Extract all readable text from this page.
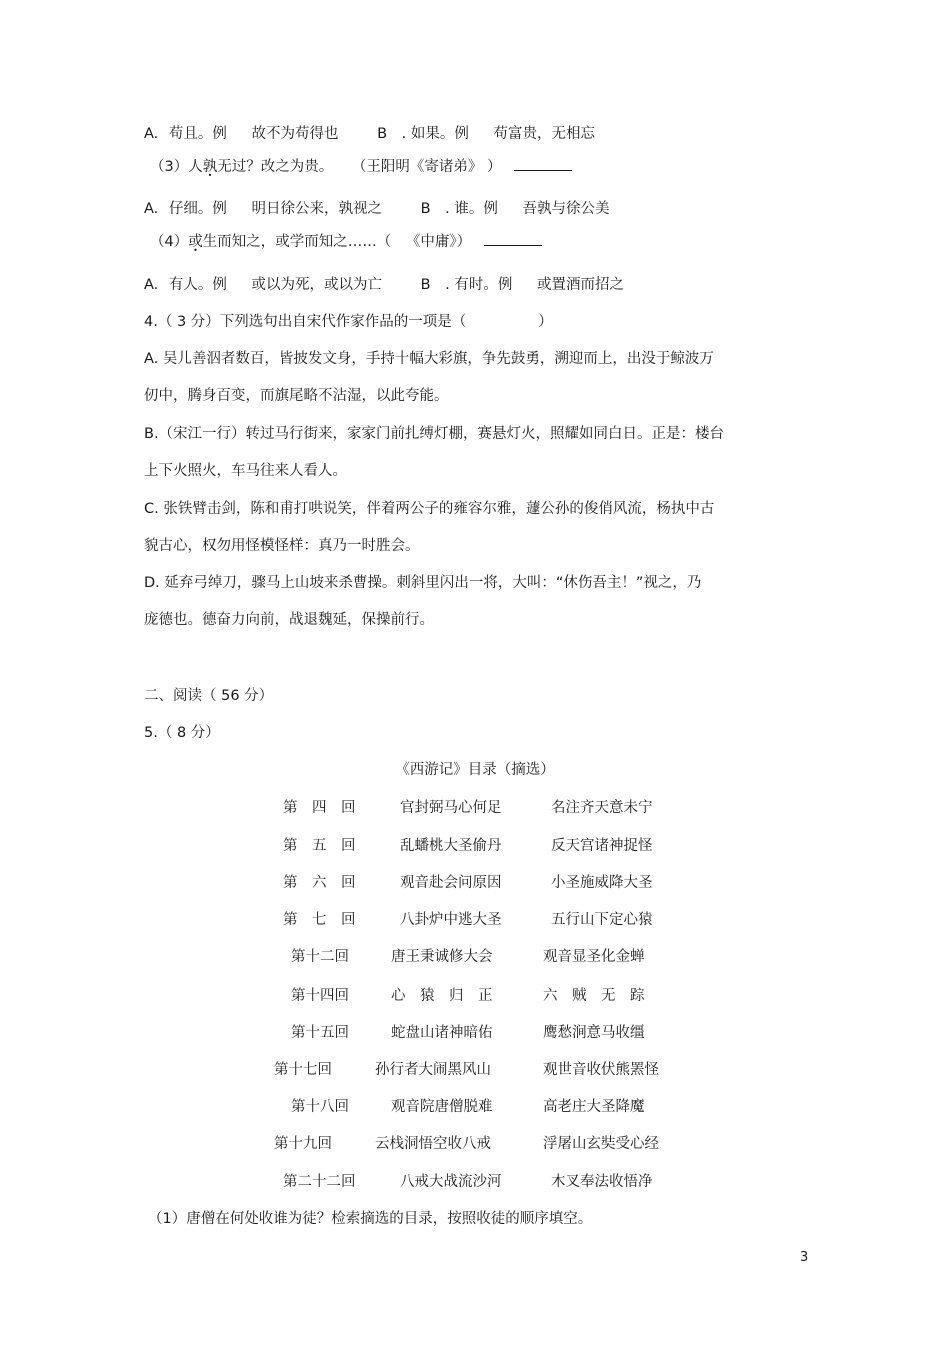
A. 苟且。例 故不为苟得也	B . 如果。例 苟富贵，无相忘
（3）人孰无过？改之为贵。 （王阳明《寄诸弟》 ）
A. 仔细。例 明日徐公来，孰视之	B . 谁。例 吾孰与徐公美
（4）或生而知之，或学而知之……（ 《中庸》）
A. 有人。例 或以为死，或以为亡	B . 有时。例 或置酒而招之
4.（ 3 分）下列选句出自宋代作家作品的一项是（	）
A. 吴儿善泅者数百，皆披发文身，手持十幅大彩旗，争先鼓勇，溯迎而上，出没于鲸波万
仞中，腾身百变，而旗尾略不沾湿，以此夸能。
B.（宋江一行）转过马行街来，家家门前扎缚灯棚，赛悬灯火，照耀如同白日。正是：楼台
上下火照火，车马往来人看人。
C. 张铁臂击剑，陈和甫打哄说笑，伴着两公子的雍容尔雅，蘧公孙的俊俏风流，杨执中古
貌古心，权勿用怪模怪样：真乃一时胜会。
D. 延弃弓绰刀，骤马上山坡来杀曹操。刺斜里闪出一将，大叫：“休伤吾主！”视之，乃
庞德也。德奋力向前，战退魏延，保操前行。
二、阅读（ 56 分）
5.（ 8 分）
《西游记》目录（摘选）
第　四　回	官封弼马心何足	名注齐天意未宁
第　五　回	乱蟠桃大圣偷丹	反天宫诸神捉怪
第　六　回	观音赴会问原因	小圣施威降大圣
第　七　回	八卦炉中逃大圣	五行山下定心猿
第十二回	唐王秉诚修大会	观音显圣化金蝉
第十四回	心　猿　归　正	六　贼　无　踪
第十五回	蛇盘山诸神暗佑	鹰愁涧意马收缰
第十七回	孙行者大闹黑风山	观世音收伏熊罴怪
第十八回	观音院唐僧脱难	高老庄大圣降魔
第十九回	云栈洞悟空收八戒	浮屠山玄奘受心经
第二十二回	八戒大战流沙河	木叉奉法收悟净
（1）唐僧在何处收谁为徒？检索摘选的目录，按照收徒的顺序填空。
3
